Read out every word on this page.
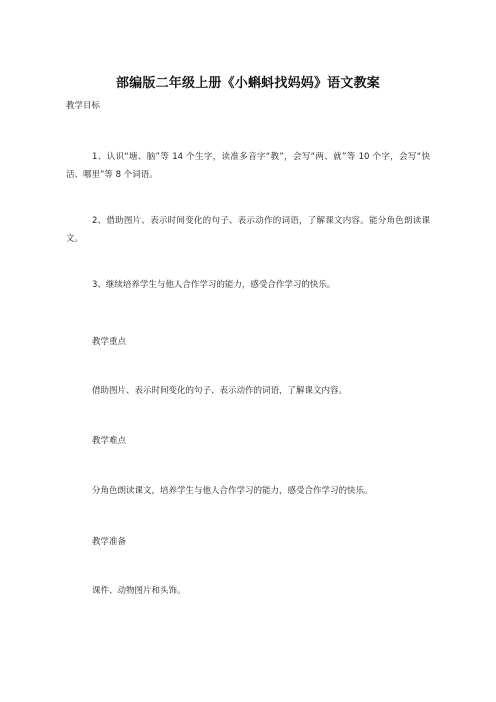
部编版二年级上册《小蝌蚪找妈妈》语文教案
教学目标

1、认识“塘、脑”等 14 个生字，读准多音字“教”，会写“两、就”等 10 个字，会写“快活、哪里”等 8 个词语。

2、借助图片、表示时间变化的句子、表示动作的词语，了解课文内容。能分角色朗读课文。

3、继续培养学生与他人合作学习的能力，感受合作学习的快乐。

教学重点
借助图片、表示时间变化的句子、表示动作的词语，了解课文内容。
教学难点
分角色朗读课文，培养学生与他人合作学习的能力，感受合作学习的快乐。
教学准备
课件、动物图片和头饰。
